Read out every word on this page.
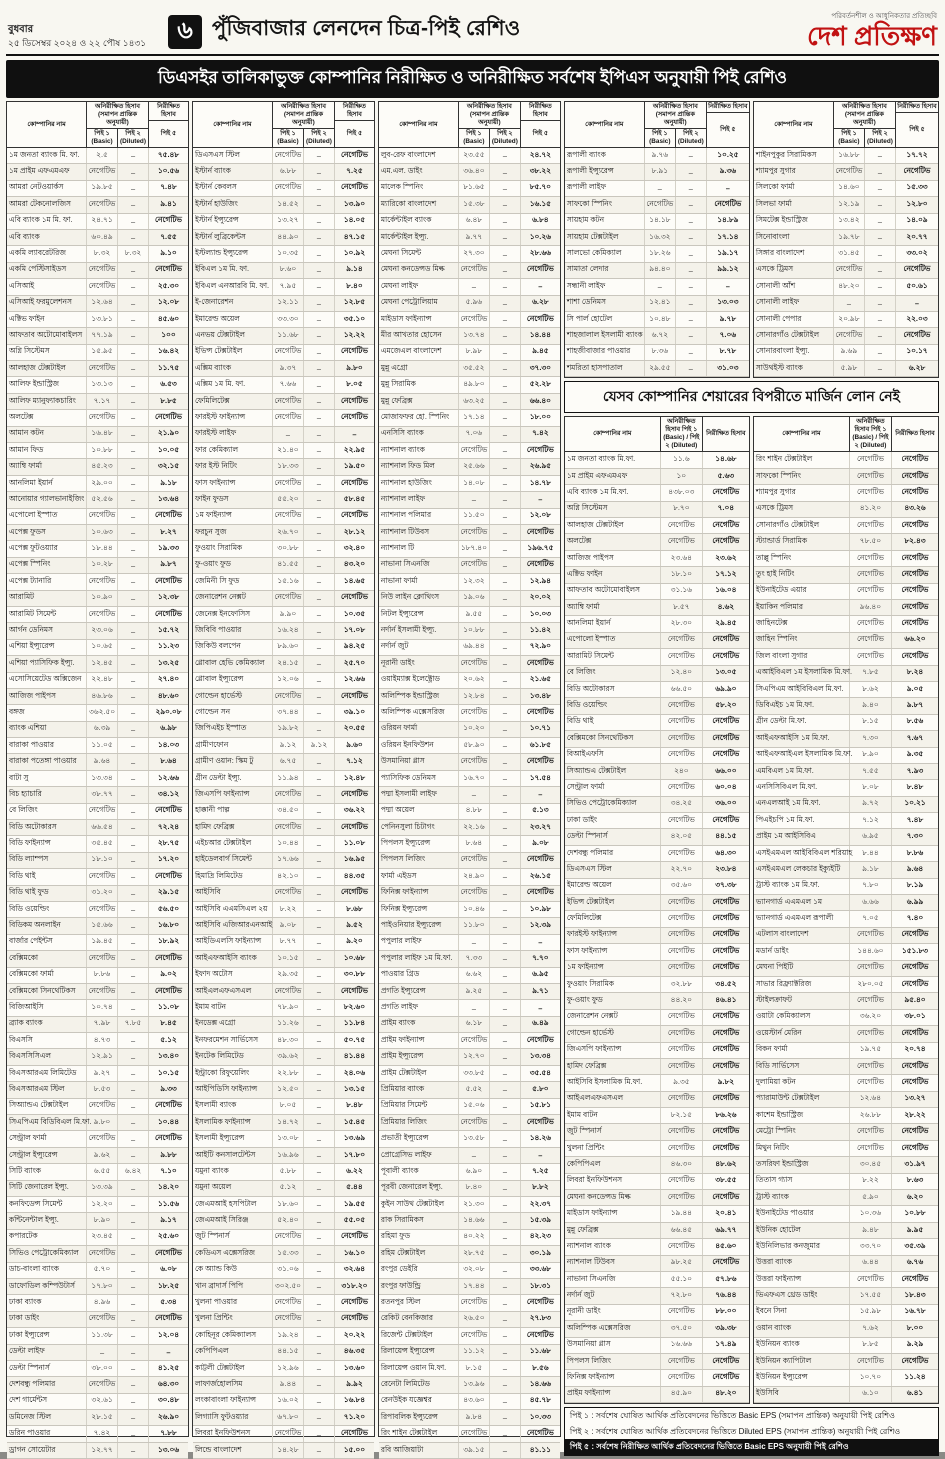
বুধবার
২৫ ডিসেম্বর ২০২৪ ও ২২ পৌষ ১৪৩১	৬ পুঁজিবাজার লেনদেন চিত্র-পিই রেশিও
পরিবর্তনশীল ও আধুনিকতার প্রতিচ্ছবি
দেশ প্রতিক্ষণ
ডিএসইর তালিকাভুক্ত কোম্পানির নিরীক্ষিত ও অনিরীক্ষিত সর্বশেষ ইপিএস অনুযায়ী পিই রেশিও
কোম্পানির নাম
অনিরীক্ষিত হিসাব (সমাপন প্রান্তিক অনুযায়ী)
পিই ১ (Basic)
পিই ২ (Diluted)
নিরীক্ষিত হিসাব
পিই ৫
১ম জনতা ব্যাংক মি. ফা.	২.৫	–	৭৫.৪৮
১ম প্রাইম এফএমএফ	নেগেটিভ	–	১০.৫৬
আমরা নেটওয়ার্কস	১৯.৮৫	–	৭.৪৮
আমরা টেকনোলজিস	নেগেটিভ	–	৯.৪১
এবি ব্যাংক ১ম মি. ফা.	২৪.৭১	–	নেগেটিভ
এবি ব্যাংক	৬০.৪৯	–	৭.৫৫
একমি ল্যাবরেটরিজ	৮.৩২	৮.৩২	৯.১০
একমি পেস্টিসাইডস	নেগেটিভ	–	নেগেটিভ
এসিআই	নেগেটিভ	–	২৫.৩০
এসিআই ফরমুলেশনস	১২.৬৪	–	১২.০৮
এক্টিভ ফাইন	১৩.৮১	–	৪৫.৬০
আফতাব অটোমোবাইলস	৭৭.১৯	–	১০০
অগ্নি সিস্টেমস	১৫.৯৫	–	১৬.৪২
আলহাজ টেক্সটাইল	নেগেটিভ	–	১১.৭৫
আলিফ ইন্ডাস্ট্রিজ	১৩.১৩	–	৬.৫৩
আলিফ ম্যানুফ্যাকচারিং	৭.১৭	–	৮.৮৫
অলটেক্স	নেগেটিভ	–	নেগেটিভ
আমান কটন	১৬.৪৮	–	২১.৯০
আমান ফিড	১০.৮৮	–	১০.০৫
অ্যাম্বি ফার্মা	৪৫.২৩	–	৩২.১৫
আনলিমা ইয়ার্ন	২৯.০০	–	৯.১৮
আনোয়ার গ্যালভানাইজিং ৫২.৫৬	–	১৩.৬৪
এপোলো ইস্পাত	নেগেটিভ	–	নেগেটিভ
এপেক্স ফুডস	১০.৬৩	–	৮.২৭
এপেক্স ফুটওয়্যার	১৮.৪৪	–	১৯.৩৩
এপেক্স স্পিনিং	১০.২৮	–	৯.৮৭
এপেক্স ট্যানারি	নেগেটিভ	–	নেগেটিভ
আরামিট	১০.৯০	–	১২.৩৮
আরামিট সিমেন্ট	নেগেটিভ	–	নেগেটিভ
আর্গন ডেনিমস	২৩.০৬	–	১৫.৭২
এশিয়া ইন্স্যুরেন্স	১০.৬৫	–	১১.২৩
এশিয়া প্যাসিফিক ইন্স্যু.	১২.৪৫	–	১৩.২৫
এসোসিয়েটেড অক্সিজেন	২২.৪৮	–	২৭.৪০
আজিজ পাইপস	৪৬.৮৬	–	৪৮.৬০
বঙ্গজ	৩৬২.৫০	–	২৯০.০৮
ব্যাংক এশিয়া	৬.৩৯	–	৬.৯৮
বারাকা পাওয়ার	১১.০৫	–	১৪.০৩
বারাকা পতেঙ্গা পাওয়ার	৯.৬৪	–	৮.৬৪
বাটা সু	১৩.৩৪	–	১২.৬৬
বিচ হ্যাচারি	৩৮.৭৭	–	৩৪.১২
বে লিজিং	নেগেটিভ	–	নেগেটিভ
বিডি অটোকারস	৬৬.৫৪	–	৭২.২৪
বিডি ফাইন্যান্স	৩৫.৪৫	–	২৮.৭৫
বিডি ল্যাম্পস	১৮.১০	–	১৭.২০
বিডি থাই	নেগেটিভ	–	নেগেটিভ
বিডি থাই ফুড	৩১.২০	–	২৯.১৫
বিডি ওয়েল্ডিং	নেগেটিভ	–	৫৬.৫০
বিডিকম অনলাইন	১৫.৬৬	–	১৬.৮০
বার্জার পেইন্টস	১৯.৪৫	–	১৮.৯২
বেক্সিমকো	নেগেটিভ	–	নেগেটিভ
বেক্সিমকো ফার্মা	৮.৮৬	–	৯.০২
বেক্সিমকো সিনথেটিকস	নেগেটিভ	–	নেগেটিভ
বিজিআইসি	১০.৭৪	–	১১.০৮
ব্র্যাক ব্যাংক	৭.৯৮	৭.৮৫	৮.৪৫
বিএসসি	৪.৭৩	–	৫.১২
বিএসসিসিএল	১২.৯১	–	১৩.৪০
বিএসআরএম লিমিটেড	৯.২৭	–	১০.১৫
বিএসআরএম স্টিল	৮.৫৩	–	৯.৩৩
সিঅ্যান্ডএ টেক্সটাইল	নেগেটিভ	–	নেগেটিভ
সিএপিএম বিডিবিএল মি.ফা. ৯.৮০	–	১০.৪৪
সেন্ট্রাল ফার্মা	নেগেটিভ	–	নেগেটিভ
সেন্ট্রাল ইন্স্যুরেন্স	৯.৬২	–	৯.৮৮
সিটি ব্যাংক	৬.৫৫	৬.৪২	৭.১০
সিটি জেনারেল ইন্স্যু.	১৩.৩৯	–	১৪.২০
কনফিডেন্স সিমেন্ট	১২.২০	–	১১.৫৬
কন্টিনেন্টাল ইন্স্যু.	৮.৯০	–	৯.১৭
কপারটেক	২৩.৪৫	–	২৫.৬০
সিভিও পেট্রোকেমিক্যাল	নেগেটিভ	–	নেগেটিভ
ডাচ-বাংলা ব্যাংক	৫.৭০	–	৬.০৮
ডাফোডিল কম্পিউটার্স	১৭.৮০	–	১৮.২৫
ঢাকা ব্যাংক	৪.৯৬	–	৫.৩৪
ঢাকা ডাইং	নেগেটিভ	–	নেগেটিভ
ঢাকা ইন্স্যুরেন্স	১১.৩৮	–	১২.০৪
ডেল্টা লাইফ	–	–	–
ডেল্টা স্পিনার্স	৩৮.০০	–	৪১.২৫
দেশবন্ধু পলিমার	নেগেটিভ	–	৬৪.৩০
দেশ গার্মেন্টস	৩২.৬১	–	৩০.৪৮
ডমিনেজ স্টিল	২৮.১৫	–	২৬.৯০
ডরিন পাওয়ার	৭.৪২	–	৭.৮৮
ড্রাগন সোয়েটার	১২.৭৭	–	১৩.০৬
কোম্পানির নাম
অনিরীক্ষিত হিসাব (সমাপন প্রান্তিক অনুযায়ী)
পিই ১ (Basic)
পিই ২ (Diluted)
নিরীক্ষিত হিসাব
পিই ৫
ডিএসএস স্টিল	নেগেটিভ	–	নেগেটিভ
ইস্টার্ন ব্যাংক	৬.৮৮	–	৭.২৫
ইস্টার্ন কেবলস	নেগেটিভ	–	নেগেটিভ
ইস্টার্ন হাউজিং	১৪.৫২	–	১৩.৯০
ইস্টার্ন ইন্স্যুরেন্স	১৩.২৭	–	১৪.০৫
ইস্টার্ন লুব্রিকেন্টস	৪৪.৯০	–	৪৭.১৫
ইস্টল্যান্ড ইন্স্যুরেন্স	১০.৩৫	–	১০.৯২
ইবিএল ১ম মি. ফা.	৮.৬০	–	৯.১৪
ইবিএল এনআরবি মি. ফা.	৭.৯৫	–	৮.৪০
ই-জেনারেশন	১২.১১	–	১২.৮৫
ইমারেল্ড অয়েল	৩৩.৩০	–	৩৫.১০
এনভয় টেক্সটাইল	১১.৬৮	–	১২.২২
ইভিন্স টেক্সটাইল	নেগেটিভ	–	নেগেটিভ
এক্সিম ব্যাংক	৯.৩৭	–	৯.৮০
এক্সিম ১ম মি. ফা.	৭.৬৬	–	৮.০৫
ফেমিলিটেক্স	নেগেটিভ	–	নেগেটিভ
ফারইস্ট ফাইন্যান্স	নেগেটিভ	–	নেগেটিভ
ফারইস্ট লাইফ	–	–	–
ফার কেমিক্যাল	২১.৪০	–	২২.৯৫
ফার ইস্ট নিটিং	১৮.৩৩	–	১৯.৫০
ফাস ফাইন্যান্স	নেগেটিভ	–	নেগেটিভ
ফাইন ফুডস	৫৫.২০	–	৫৮.৪৫
১ম ফাইন্যান্স	নেগেটিভ	–	নেগেটিভ
ফরচুন সুজ	২৬.৭০	–	২৮.১২
ফুওয়াং সিরামিক	৩০.৮৮	–	৩২.৪০
ফু-ওয়াং ফুড	৪১.৫৫	–	৪৩.২০
জেমিনী সি ফুড	১৫.১৬	–	১৪.৬৫
জেনারেশন নেক্সট	নেগেটিভ	–	নেগেটিভ
জেনেক্স ইনফোসিস	৯.৯০	–	১০.৩৫
জিবিবি পাওয়ার	১৬.২৪	–	১৭.০৮
জিকিউ বলপেন	৮৯.৬০	–	৯৪.২৫
গ্লোবাল হেভি কেমিক্যাল	২৪.১৫	–	২৫.৭০
গ্লোবাল ইন্স্যুরেন্স	১২.০৬	–	১২.৬৬
গোল্ডেন হার্ভেস্ট	নেগেটিভ	–	নেগেটিভ
গোল্ডেন সন	৩৭.৪৪	–	৩৯.১০
জিপিএইচ ইস্পাত	১৯.৮২	–	২০.৫৫
গ্রামীণফোন	৯.১২	৯.১২	৯.৬০
গ্রামীণ ওয়ান: স্কিম টু	৬.৭৫	–	৭.১২
গ্রীন ডেল্টা ইন্স্যু.	১১.৯৪	–	১২.৪৮
জিএসপি ফাইন্যান্স	নেগেটিভ	–	নেগেটিভ
হাক্কানী পাল্প	৩৪.৫০	–	৩৬.২২
হামিদ ফেব্রিক্স	নেগেটিভ	–	নেগেটিভ
এইচআর টেক্সটাইল	১০.৪৪	–	১১.০৮
হাইডেলবার্গ সিমেন্ট	১৭.৬৬	–	১৬.৯৫
হিমাদ্রি লিমিটেড	৪২.১০	–	৪৪.৩৫
আইসিবি	নেগেটিভ	–	নেগেটিভ
আইসিবি এএমসিএল ২য়	৮.২২	–	৮.৬৮
আইসিবি এজিআরএনআই	৯.০৮	–	৯.৫২
আইডিএলসি ফাইন্যান্স	৮.৭৭	–	৯.২০
আইএফআইসি ব্যাংক	১০.১৫	–	১০.৬৮
ইফাদ অটোস	২৯.৩৫	–	৩০.৮৮
আইএলএফএসএল	নেগেটিভ	–	নেগেটিভ
ইমাম বাটন	৭৮.৯০	–	৮২.৬০
ইনডেক্স এগ্রো	১১.২৬	–	১১.৮৪
ইনফরমেশন সার্ভিসেস	৪৮.৩০	–	৫০.৭৫
ইনটেক লিমিটেড	৩৯.৬২	–	৪১.৪৪
ইন্ট্রাকো রিফুয়েলিং	২২.৮৮	–	২৪.০৬
আইপিডিসি ফাইন্যান্স	১২.৫০	–	১৩.১৫
ইসলামী ব্যাংক	৮.০৫	–	৮.৪৮
ইসলামিক ফাইন্যান্স	১৪.৭২	–	১৫.৪৫
ইসলামী ইন্স্যুরেন্স	১৩.০৮	–	১৩.৬৯
আইটি কনসালটেন্টস	১৬.৯৬	–	১৭.৮০
যমুনা ব্যাংক	৫.৮৮	–	৬.২২
যমুনা অয়েল	৫.১২	–	৫.৪৪
জেএমআই হসপিটাল	১৮.৬০	–	১৯.৫৫
জেএমআই সিরিঞ্জ	৫২.৪০	–	৫৫.০৫
জুট স্পিনার্স	নেগেটিভ	–	নেগেটিভ
কেডিএস এক্সেসরিজ	১৫.৩৩	–	১৬.১০
কে অ্যান্ড কিউ	৩১.০৬	–	৩২.৬৪
খান ব্রাদার্স পিপি	৩০২.৫০	–	৩১৮.২০
খুলনা পাওয়ার	নেগেটিভ	–	নেগেটিভ
খুলনা প্রিন্টিং	নেগেটিভ	–	নেগেটিভ
কোহিনূর কেমিক্যালস	১৯.২৪	–	২০.২২
কেপিপিএল	৪৪.১৫	–	৪৬.৩৫
কাট্টলী টেক্সটাইল	১২.৯৬	–	১৩.৬০
লাফার্জহোলসিম	৯.৪৪	–	৯.৯২
লংকাবাংলা ফাইন্যান্স	১৬.০২	–	১৬.৮৪
লিগ্যাসি ফুটওয়্যার	৬৭.৮০	–	৭১.২০
লিবরা ইনফিউশনস	নেগেটিভ	–	নেগেটিভ
লিন্ডে বাংলাদেশ	১৪.২৮	–	১৫.০০
কোম্পানির নাম
অনিরীক্ষিত হিসাব (সমাপন প্রান্তিক অনুযায়ী)
পিই ১ (Basic)
পিই ২ (Diluted)
নিরীক্ষিত হিসাব
পিই ৫
লুব-রেফ বাংলাদেশ	২৩.৫৫	–	২৪.৭২
এম.এল. ডাইং	৩৬.৪০	–	৩৮.২২
মালেক স্পিনিং	৮১.৬৫	–	৮৫.৭০
ম্যারিকো বাংলাদেশ	১৫.৩৮	–	১৬.১৫
মার্কেন্টাইল ব্যাংক	৬.৪৮	–	৬.৮৪
মার্কেন্টাইল ইন্স্যু.	৯.৭৭	–	১০.২৬
মেঘনা সিমেন্ট	২৭.৩০	–	২৮.৬৬
মেঘনা কনডেন্সড মিল্ক	নেগেটিভ	–	নেগেটিভ
মেঘনা লাইফ	–	–	–
মেঘনা পেট্রোলিয়াম	৫.৯৬	–	৬.২৮
মাইডাস ফাইন্যান্স	নেগেটিভ	–	নেগেটিভ
মীর আখতার হোসেন	১৩.৭৪	–	১৪.৪৪
এমজেএল বাংলাদেশ	৮.৯৮	–	৯.৪৫
মুন্নু এগ্রো	৩৫.৫২	–	৩৭.৩০
মুন্নু সিরামিক	৪৯.৮০	–	৫২.২৮
মুন্নু ফেব্রিক্স	৬৩.২৫	–	৬৬.৪০
মোজাফফর হো. স্পিনিং	১৭.১৪	–	১৮.০০
এনসিসি ব্যাংক	৭.০৬	–	৭.৪২
ন্যাশনাল ব্যাংক	নেগেটিভ	–	নেগেটিভ
ন্যাশনাল ফিড মিল	২৫.৬৬	–	২৬.৯৫
ন্যাশনাল হাউজিং	১৪.০৮	–	১৪.৭৮
ন্যাশনাল লাইফ	–	–	–
ন্যাশনাল পলিমার	১১.৫০	–	১২.০৮
ন্যাশনাল টিউবস	নেগেটিভ	–	নেগেটিভ
ন্যাশনাল টি	১৮৭.৪০	–	১৯৬.৭৫
নাভানা সিএনজি	নেগেটিভ	–	নেগেটিভ
নাভানা ফার্মা	১২.৩২	–	১২.৯৪
নিউ লাইন ক্লোথিংস	১৯.০৬	–	২০.০২
নিটল ইন্স্যুরেন্স	৯.৫৫	–	১০.০৩
নর্দার্ন ইসলামী ইন্স্যু.	১০.৮৮	–	১১.৪২
নর্দার্ন জুট	৬৯.৪৪	–	৭২.৯০
নূরানী ডাইং	নেগেটিভ	–	নেগেটিভ
ওয়াইম্যাক্স ইলেক্ট্রোড	২০.৬২	–	২১.৬৫
অলিম্পিক ইন্ডাস্ট্রিজ	১২.৮৪	–	১৩.৪৮
অলিম্পিক এক্সেসরিজ	নেগেটিভ	–	নেগেটিভ
ওরিয়ন ফার্মা	১০.২০	–	১০.৭১
ওরিয়ন ইনফিউশন	৫৮.৯০	–	৬১.৮৫
উসমানিয়া গ্লাস	নেগেটিভ	–	নেগেটিভ
প্যাসিফিক ডেনিমস	১৬.৭০	–	১৭.৫৪
পদ্মা ইসলামী লাইফ	–	–	–
পদ্মা অয়েল	৪.৮৮	–	৫.১৩
পেনিনসুলা চিটাগং	২২.১৬	–	২৩.২৭
পিপলস ইন্স্যুরেন্স	৮.৬৪	–	৯.০৮
পিপলস লিজিং	নেগেটিভ	–	নেগেটিভ
ফার্মা এইডস	২৪.৯০	–	২৬.১৫
ফিনিক্স ফাইন্যান্স	নেগেটিভ	–	নেগেটিভ
ফিনিক্স ইন্স্যুরেন্স	১০.৪৬	–	১০.৯৮
পাইওনিয়ার ইন্স্যুরেন্স	১১.৮০	–	১২.৩৯
পপুলার লাইফ	–	–	–
পপুলার লাইফ ১ম মি.ফা.	৭.৩৩	–	৭.৭০
পাওয়ার গ্রিড	৬.৬২	–	৬.৯৫
প্রগতি ইন্স্যুরেন্স	৯.২৫	–	৯.৭১
প্রগতি লাইফ	–	–	–
প্রাইম ব্যাংক	৬.১৮	–	৬.৪৯
প্রাইম ফাইন্যান্স	নেগেটিভ	–	নেগেটিভ
প্রাইম ইন্স্যুরেন্স	১২.৭০	–	১৩.৩৪
প্রাইম টেক্সটাইল	৩৩.৮৫	–	৩৫.৫৪
প্রিমিয়ার ব্যাংক	৫.৫২	–	৫.৮০
প্রিমিয়ার সিমেন্ট	১৫.০৬	–	১৫.৮১
প্রিমিয়ার লিজিং	নেগেটিভ	–	নেগেটিভ
প্রভাতী ইন্স্যুরেন্স	১৩.৫৮	–	১৪.২৬
প্রোগ্রেসিভ লাইফ	–	–	–
পূবালী ব্যাংক	৬.৯০	–	৭.২৫
পূরবী জেনারেল ইন্স্যু.	৮.৪০	–	৮.৮২
কুইন সাউথ টেক্সটাইল	২১.৩০	–	২২.৩৭
রাক সিরামিকস	১৪.৬৬	–	১৫.৩৯
রহিমা ফুড	৪০.২২	–	৪২.২৩
রহিম টেক্সটাইল	২৮.৭৫	–	৩০.১৯
রংপুর ডেইরি	৩২.০৮	–	৩৩.৬৮
রংপুর ফাউন্ড্রি	১৭.৪৪	–	১৮.৩১
রতনপুর স্টিল	নেগেটিভ	–	নেগেটিভ
রেকিট বেনকিজার	২৬.৫০	–	২৭.৮৩
রিজেন্ট টেক্সটাইল	নেগেটিভ	–	নেগেটিভ
রিলায়েন্স ইন্স্যুরেন্স	১১.১২	–	১১.৬৮
রিলায়েন্স ওয়ান মি.ফা.	৮.১৫	–	৮.৫৬
রেনেটা লিমিটেড	১৩.৯৬	–	১৪.৬৬
রেনউইক যজ্ঞেশ্বর	৪৩.৬০	–	৪৫.৭৮
রিপাবলিক ইন্স্যুরেন্স	৯.৮৪	–	১০.৩৩
রিং শাইন টেক্সটাইল	নেগেটিভ	–	নেগেটিভ
রবি আজিয়াটা	৩৯.১৫	–	৪১.১১
কোম্পানির নাম
অনিরীক্ষিত হিসাব (সমাপন প্রান্তিক অনুযায়ী)
পিই ১ (Basic)
পিই ২ (Diluted)
নিরীক্ষিত হিসাব
পিই ৫
রূপালী ব্যাংক	৯.৭৬	–	১০.২৫
রূপালী ইন্স্যুরেন্স	৮.৯১	–	৯.৩৬
রূপালী লাইফ	–	–	–
সাফকো স্পিনিং	নেগেটিভ	–	নেগেটিভ
সায়হাম কটন	১৪.১৮	–	১৪.৮৯
সায়হাম টেক্সটাইল	১৬.৩২	–	১৭.১৪
সালভো কেমিক্যাল	১৮.২৬	–	১৯.১৭
সামাতা লেদার	৯৪.৪০	–	৯৯.১২
সন্ধানী লাইফ	–	–	–
শাশা ডেনিমস	১২.৪১	–	১৩.০৩
সি পার্ল হোটেল	১০.৪৮	–	৯.৭৮
শাহজালাল ইসলামী ব্যাংক	৬.৭২	–	৭.০৬
শাহজীবাজার পাওয়ার	৮.৩৬	–	৮.৭৮
শমরিতা হাসপাতাল	২৯.৫৫	–	৩১.০৩
কোম্পানির নাম
অনিরীক্ষিত হিসাব (সমাপন প্রান্তিক অনুযায়ী)
পিই ১ (Basic)
পিই ২ (Diluted)
নিরীক্ষিত হিসাব
পিই ৫
শাইনপুকুর সিরামিকস	১৬.৮৮	–	১৭.৭২
শ্যামপুর সুগার	নেগেটিভ	–	নেগেটিভ
সিলকো ফার্মা	১৪.৬০	–	১৫.৩৩
সিলভা ফার্মা	১২.১৯	–	১২.৮০
সিমটেক্স ইন্ডাস্ট্রিজ	১৩.৪২	–	১৪.০৯
সিনোবাংলা	১৯.৭৮	–	২০.৭৭
সিঙ্গার বাংলাদেশ	৩১.৪৫	–	৩৩.০২
এসকে ট্রিমস	নেগেটিভ	–	নেগেটিভ
সোনালী আঁশ	৪৮.২০	–	৫০.৬১
সোনালী লাইফ	–	–	–
সোনালী পেপার	২০.৯৮	–	২২.০৩
সোনারগাঁও টেক্সটাইল	নেগেটিভ	–	নেগেটিভ
সোনারবাংলা ইন্স্যু.	৯.৬৯	–	১০.১৭
সাউথইস্ট ব্যাংক	৫.৯৮	–	৬.২৮
যেসব কোম্পানির শেয়ারের বিপরীতে মার্জিন লোন নেই
কোম্পানির নাম
অনিরীক্ষিত হিসাব পিই ১ (Basic) / পিই ২ (Diluted)
নিরীক্ষিত হিসাব
১ম জনতা ব্যাংক মি.ফা.	১১.৬	১৪.৬৮
১ম প্রাইম এফএমএফ	১০	৫.৬৩
এবি ব্যাংক ১ম মি.ফা.	৪৩৮.০৩	নেগেটিভ
অগ্নি সিস্টেমস	৮.৭০	৭.০৪
আলহাজ টেক্সটাইল	নেগেটিভ	নেগেটিভ
অলটেক্স	নেগেটিভ	নেগেটিভ
আজিজ পাইপস	২৩.৬৪	২৩.৬২
এক্টিভ ফাইন	১৮.১০	১৭.১২
আফতাব অটোমোবাইলস	৩১.১৬	১৬.০৪
অ্যাম্বি ফার্মা	৮.৫৭	৪.৬২
আনলিমা ইয়ার্ন	২৮.৩০	২৯.৪৫
এপোলো ইস্পাত	নেগেটিভ	নেগেটিভ
আরামিট সিমেন্ট	নেগেটিভ	নেগেটিভ
বে লিজিং	১২.৪০	১৩.০৫
বিডি অটোকারস	৬৬.৫০	৬৯.৯০
বিডি ওয়েল্ডিং	নেগেটিভ	৫৮.২০
বিডি থাই	নেগেটিভ	নেগেটিভ
বেক্সিমকো সিনথেটিকস	নেগেটিভ	নেগেটিভ
বিআইএফসি	নেগেটিভ	নেগেটিভ
সিঅ্যান্ডএ টেক্সটাইল	২৪০	৬৬.০০
সেন্ট্রাল ফার্মা	নেগেটিভ	৬০.০৪
সিভিও পেট্রোকেমিক্যাল	৩৪.২৫	৩৬.০০
ঢাকা ডাইং	নেগেটিভ	নেগেটিভ
ডেল্টা স্পিনার্স	৪২.০৫	৪৪.১৫
দেশবন্ধু পলিমার	নেগেটিভ	৬৪.৩০
ডিএসএস স্টিল	২২.৭০	২৩.৮৪
ইমারেল্ড অয়েল	৩৫.৬০	৩৭.৩৮
ইভিন্স টেক্সটাইল	নেগেটিভ	নেগেটিভ
ফেমিলিটেক্স	নেগেটিভ	নেগেটিভ
ফারইস্ট ফাইন্যান্স	নেগেটিভ	নেগেটিভ
ফাস ফাইন্যান্স	নেগেটিভ	নেগেটিভ
১ম ফাইন্যান্স	নেগেটিভ	নেগেটিভ
ফুওয়াং সিরামিক	৩২.৮৮	৩৪.৫২
ফু-ওয়াং ফুড	৪৪.২০	৪৬.৪১
জেনারেশন নেক্সট	নেগেটিভ	নেগেটিভ
গোল্ডেন হার্ভেস্ট	নেগেটিভ	নেগেটিভ
জিএসপি ফাইন্যান্স	নেগেটিভ	নেগেটিভ
হামিদ ফেব্রিক্স	নেগেটিভ	নেগেটিভ
আইসিবি ইসলামিক মি.ফা.	৯.৩৫	৯.৮২
আইএলএফএসএল	নেগেটিভ	নেগেটিভ
ইমাম বাটন	৮২.১৫	৮৬.২৬
জুট স্পিনার্স	নেগেটিভ	নেগেটিভ
খুলনা প্রিন্টিং	নেগেটিভ	নেগেটিভ
কেপিপিএল	৪৬.৩০	৪৮.৬২
লিবরা ইনফিউশনস	নেগেটিভ	৩৮.৫৫
মেঘনা কনডেন্সড মিল্ক	নেগেটিভ	নেগেটিভ
মাইডাস ফাইন্যান্স	১৯.৪৪	২০.৪১
মুন্নু ফেব্রিক্স	৬৬.৪৫	৬৯.৭৭
ন্যাশনাল ব্যাংক	নেগেটিভ	৪৫.৬০
ন্যাশনাল টিউবস	৯৮.২৫	নেগেটিভ
নাভানা সিএনজি	৫৫.১০	৫৭.৮৬
নর্দার্ন জুট	৭২.৮০	৭৬.৪৪
নূরানী ডাইং	নেগেটিভ	৮৮.০০
অলিম্পিক এক্সেসরিজ	৩৭.৫০	৩৯.৩৮
উসমানিয়া গ্লাস	১৬.৬৬	১৭.৪৯
পিপলস লিজিং	নেগেটিভ	নেগেটিভ
ফিনিক্স ফাইন্যান্স	নেগেটিভ	নেগেটিভ
প্রাইম ফাইন্যান্স	৪৫.৯০	৪৮.২০
কোম্পানির নাম
অনিরীক্ষিত হিসাব পিই ১ (Basic) / পিই ২ (Diluted)
নিরীক্ষিত হিসাব
রিং শাইন টেক্সটাইল	নেগেটিভ	নেগেটিভ
সাফকো স্পিনিং	নেগেটিভ	নেগেটিভ
শ্যামপুর সুগার	নেগেটিভ	নেগেটিভ
এসকে ট্রিমস	৪১.২০	৪৩.২৬
সোনারগাঁও টেক্সটাইল	নেগেটিভ	নেগেটিভ
স্ট্যান্ডার্ড সিরামিক	৭৮.৫০	৮২.৪৩
তাল্লু স্পিনিং	নেগেটিভ	নেগেটিভ
তুং হাই নিটিং	নেগেটিভ	নেগেটিভ
ইউনাইটেড এয়ার	নেগেটিভ	নেগেটিভ
ইয়াকিন পলিমার	৯৬.৪০	নেগেটিভ
জাহিনটেক্স	নেগেটিভ	নেগেটিভ
জাহিন স্পিনিং	নেগেটিভ	৬৬.২০
জিল বাংলা সুগার	নেগেটিভ	নেগেটিভ
এআইবিএল ১ম ইসলামিক মি.ফা.	৭.৮৫	৮.২৪
সিএপিএম আইবিবিএল মি.ফা.	৮.৬২	৯.০৫
ডিবিএইচ ১ম মি.ফা.	৯.৪০	৯.৮৭
গ্রীন ডেল্টা মি.ফা.	৮.১৫	৮.৫৬
আইএফআইসি ১ম মি.ফা.	৭.৩০	৭.৬৭
আইএফআইএল ইসলামিক মি.ফা.	৮.৯০	৯.৩৫
এমবিএল ১ম মি.ফা.	৭.৫৫	৭.৯৩
এনসিসিবিএল মি.ফা.	৮.০৮	৮.৪৮
এনএলআই ১ম মি.ফা.	৯.৭২	১০.২১
পিএইচপি ১ম মি.ফা.	৭.১২	৭.৪৮
প্রাইম ১ম আইসিবিএ	৬.৯৫	৭.৩০
এসইএমএল আইবিবিএল শরিয়াহ	৮.৪৪	৮.৮৬
এসইএমএল লেকচার ইক্যুইটি	৯.১৮	৯.৬৪
ট্রাস্ট ব্যাংক ১ম মি.ফা.	৭.৮০	৮.১৯
ভ্যানগার্ড এএমএল ১ম	৬.৬৬	৬.৯৯
ভ্যানগার্ড এএমএল রূপালী	৭.০৫	৭.৪০
এটলাস বাংলাদেশ	নেগেটিভ	নেগেটিভ
মডার্ন ডাইং	১৪৪.৬০	১৫১.৮৩
মেঘনা পিইটি	নেগেটিভ	নেগেটিভ
সাভার রিফ্র্যাক্টরিজ	২৮০.০৫	নেগেটিভ
স্টাইলক্রাফট	নেগেটিভ	৯৫.৪০
ওয়াটা কেমিক্যালস	৩৬.২০	৩৮.০১
ওয়েস্টার্ন মেরিন	নেগেটিভ	নেগেটিভ
বিকন ফার্মা	১৯.৭৫	২০.৭৪
বিডি সার্ভিসেস	নেগেটিভ	নেগেটিভ
দুলামিয়া কটন	নেগেটিভ	নেগেটিভ
প্যারামাউন্ট টেক্সটাইল	১২.৬৪	১৩.২৭
কাশেম ইন্ডাস্ট্রিজ	২৬.৮৮	২৮.২২
মেট্রো স্পিনিং	নেগেটিভ	নেগেটিভ
মিথুন নিটিং	নেগেটিভ	নেগেটিভ
তসরিফা ইন্ডাস্ট্রিজ	৩০.৪৫	৩১.৯৭
তিতাস গ্যাস	৮.২২	৮.৬৩
ট্রাস্ট ব্যাংক	৫.৯০	৬.২০
ইউনাইটেড পাওয়ার	১০.৩৬	১০.৮৮
ইউনিক হোটেল	৯.৪৮	৯.৯৫
ইউনিলিভার কনজুমার	৩৩.৭০	৩৫.৩৯
উত্তরা ব্যাংক	৬.৪৪	৬.৭৬
উত্তরা ফাইন্যান্স	নেগেটিভ	নেগেটিভ
ভিএফএস থ্রেড ডাইং	১৭.৫৫	১৮.৪৩
ইবনে সিনা	১৫.৯৮	১৬.৭৮
ওয়ান ব্যাংক	৭.৬২	৮.০০
ইউনিয়ন ব্যাংক	৮.৮৫	৯.২৯
ইউনিয়ন ক্যাপিটাল	নেগেটিভ	নেগেটিভ
ইউনিয়ন ইন্স্যুরেন্স	১০.৭০	১১.২৪
ইউসিবি	৬.১০	৬.৪১
পিই ১ : সর্বশেষ ঘোষিত আর্থিক প্রতিবেদনের ভিত্তিতে Basic EPS (সমাপন প্রান্তিক) অনুযায়ী পিই রেশিও
পিই ২ : সর্বশেষ ঘোষিত আর্থিক প্রতিবেদনের ভিত্তিতে Diluted EPS (সমাপন প্রান্তিক) অনুযায়ী পিই রেশিও
পিই ৫ : সর্বশেষ নিরীক্ষিত আর্থিক প্রতিবেদনের ভিত্তিতে Basic EPS অনুযায়ী পিই রেশিও
